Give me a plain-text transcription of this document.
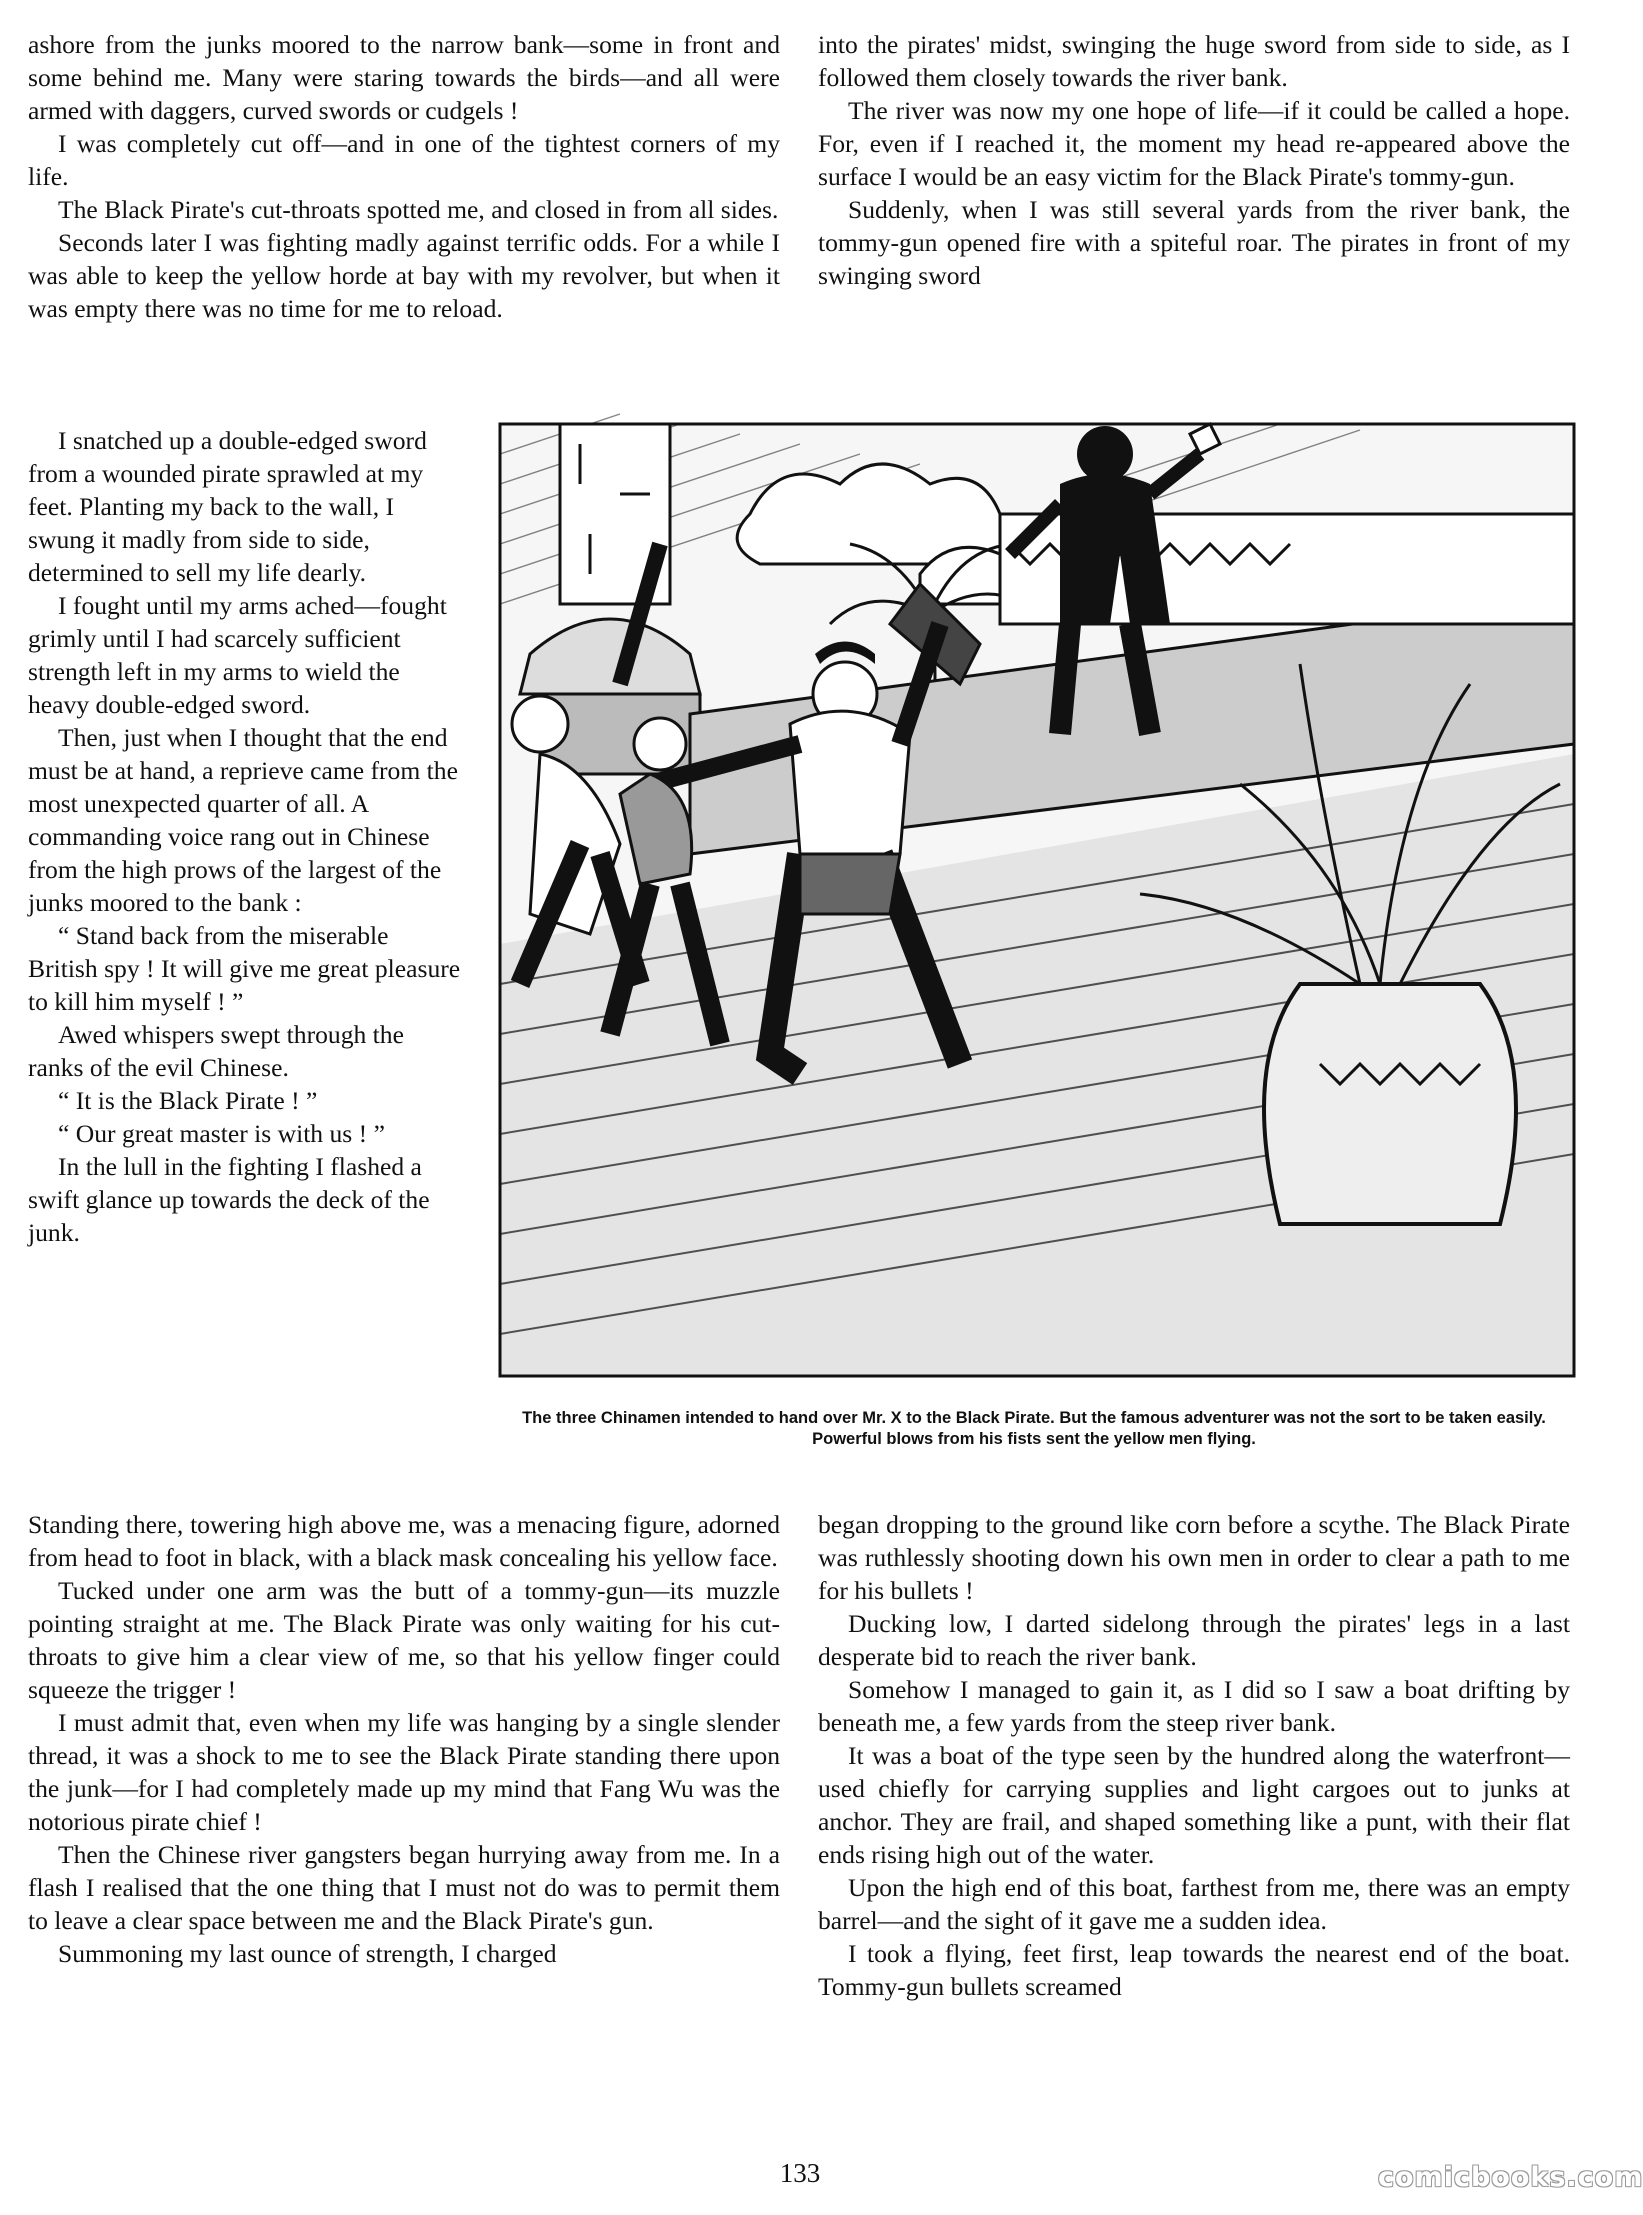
ashore from the junks moored to the narrow bank—some in front and some behind me. Many were staring towards the birds—and all were armed with daggers, curved swords or cudgels !

I was completely cut off—and in one of the tightest corners of my life.

The Black Pirate's cut-throats spotted me, and closed in from all sides.

Seconds later I was fighting madly against terrific odds. For a while I was able to keep the yellow horde at bay with my revolver, but when it was empty there was no time for me to reload.

into the pirates' midst, swinging the huge sword from side to side, as I followed them closely towards the river bank.

The river was now my one hope of life—if it could be called a hope. For, even if I reached it, the moment my head re-appeared above the surface I would be an easy victim for the Black Pirate's tommy-gun.

Suddenly, when I was still several yards from the river bank, the tommy-gun opened fire with a spiteful roar. The pirates in front of my swinging sword

I snatched up a double-edged sword from a wounded pirate sprawled at my feet. Planting my back to the wall, I swung it madly from side to side, determined to sell my life dearly.

I fought until my arms ached—fought grimly until I had scarcely sufficient strength left in my arms to wield the heavy double-edged sword.

Then, just when I thought that the end must be at hand, a reprieve came from the most unexpected quarter of all. A commanding voice rang out in Chinese from the high prows of the largest of the junks moored to the bank :

“ Stand back from the miserable British spy ! It will give me great pleasure to kill him myself ! ”

Awed whispers swept through the ranks of the evil Chinese.

“ It is the Black Pirate ! ”

“ Our great master is with us ! ”

In the lull in the fighting I flashed a swift glance up towards the deck of the junk.

The three Chinamen intended to hand over Mr. X to the Black Pirate. But the famous adventurer was not the sort to be taken easily. Powerful blows from his fists sent the yellow men flying.

Standing there, towering high above me, was a menacing figure, adorned from head to foot in black, with a black mask concealing his yellow face.

Tucked under one arm was the butt of a tommy-gun—its muzzle pointing straight at me. The Black Pirate was only waiting for his cut-throats to give him a clear view of me, so that his yellow finger could squeeze the trigger !

I must admit that, even when my life was hanging by a single slender thread, it was a shock to me to see the Black Pirate standing there upon the junk—for I had completely made up my mind that Fang Wu was the notorious pirate chief !

Then the Chinese river gangsters began hurrying away from me. In a flash I realised that the one thing that I must not do was to permit them to leave a clear space between me and the Black Pirate's gun.

Summoning my last ounce of strength, I charged

began dropping to the ground like corn before a scythe. The Black Pirate was ruthlessly shooting down his own men in order to clear a path to me for his bullets !

Ducking low, I darted sidelong through the pirates' legs in a last desperate bid to reach the river bank.

Somehow I managed to gain it, as I did so I saw a boat drifting by beneath me, a few yards from the steep river bank.

It was a boat of the type seen by the hundred along the waterfront—used chiefly for carrying supplies and light cargoes out to junks at anchor. They are frail, and shaped something like a punt, with their flat ends rising high out of the water.

Upon the high end of this boat, farthest from me, there was an empty barrel—and the sight of it gave me a sudden idea.

I took a flying, feet first, leap towards the nearest end of the boat. Tommy-gun bullets screamed

133	comicbooks.com
